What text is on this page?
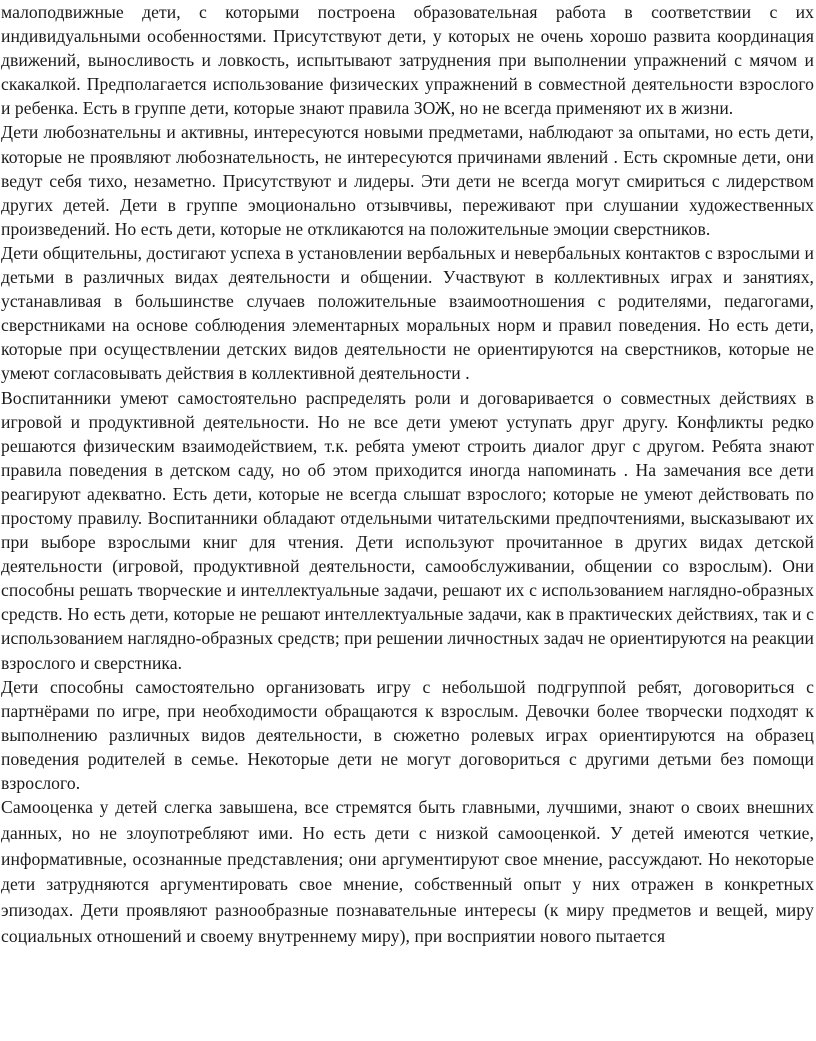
малоподвижные дети, с которыми построена образовательная работа в соответствии с их индивидуальными особенностями. Присутствуют дети, у которых не очень хорошо развита координация движений, выносливость и ловкость, испытывают затруднения при выполнении упражнений с мячом и скакалкой. Предполагается использование физических упражнений в совместной деятельности взрослого и ребенка. Есть в группе дети, которые знают правила ЗОЖ, но не всегда применяют их в жизни.

Дети любознательны и активны, интересуются новыми предметами, наблюдают за опытами, но есть дети, которые не проявляют любознательность, не интересуются причинами явлений . Есть скромные дети, они ведут себя тихо, незаметно. Присутствуют и лидеры. Эти дети не всегда могут смириться с лидерством других детей. Дети в группе эмоционально отзывчивы, переживают при слушании художественных произведений. Но есть дети, которые не откликаются на положительные эмоции сверстников.

Дети общительны, достигают успеха в установлении вербальных и невербальных контактов с взрослыми и детьми в различных видах деятельности и общении. Участвуют в коллективных играх и занятиях, устанавливая в большинстве случаев положительные взаимоотношения с родителями, педагогами, сверстниками на основе соблюдения элементарных моральных норм и правил поведения. Но есть дети, которые при осуществлении детских видов деятельности не ориентируются на сверстников, которые не умеют согласовывать действия в коллективной деятельности .

Воспитанники умеют самостоятельно распределять роли и договаривается о совместных действиях в игровой и продуктивной деятельности. Но не все дети умеют уступать друг другу. Конфликты редко решаются физическим взаимодействием, т.к. ребята умеют строить диалог друг с другом. Ребята знают правила поведения в детском саду, но об этом приходится иногда напоминать . На замечания все дети реагируют адекватно. Есть дети, которые не всегда слышат взрослого; которые не умеют действовать по простому правилу. Воспитанники обладают отдельными читательскими предпочтениями, высказывают их при выборе взрослыми книг для чтения. Дети используют прочитанное в других видах детской деятельности (игровой, продуктивной деятельности, самообслуживании, общении со взрослым). Они способны решать творческие и интеллектуальные задачи, решают их с использованием наглядно-образных средств. Но есть дети, которые не решают интеллектуальные задачи, как в практических действиях, так и с использованием наглядно-образных средств; при решении личностных задач не ориентируются на реакции взрослого и сверстника.

Дети способны самостоятельно организовать игру с небольшой подгруппой ребят, договориться с партнёрами по игре, при необходимости обращаются к взрослым. Девочки более творчески подходят к выполнению различных видов деятельности, в сюжетно ролевых играх ориентируются на образец поведения родителей в семье. Некоторые дети не могут договориться с другими детьми без помощи взрослого.

Самооценка у детей слегка завышена, все стремятся быть главными, лучшими, знают о своих внешних данных, но не злоупотребляют ими. Но есть дети с низкой самооценкой. У детей имеются четкие, информативные, осознанные представления; они аргументируют свое мнение, рассуждают. Но некоторые дети затрудняются аргументировать свое мнение, собственный опыт у них отражен в конкретных эпизодах. Дети проявляют разнообразные познавательные интересы (к миру предметов и вещей, миру социальных отношений и своему внутреннему миру), при восприятии нового пытается
